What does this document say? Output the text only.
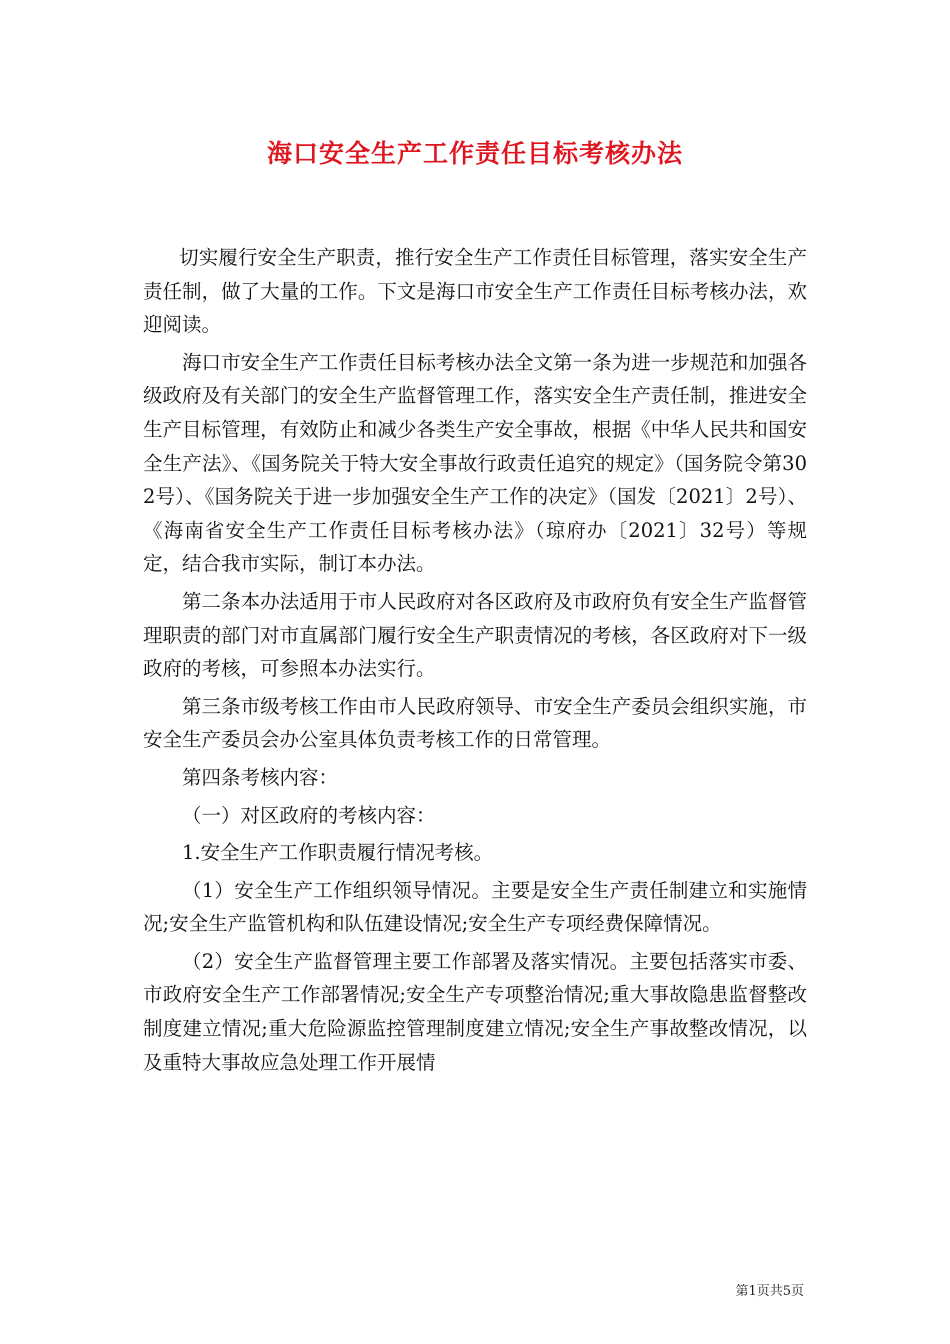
海口安全生产工作责任目标考核办法

切实履行安全生产职责，推行安全生产工作责任目标管理，落实安全生产责任制，做了大量的工作。下文是海口市安全生产工作责任目标考核办法，欢迎阅读。

海口市安全生产工作责任目标考核办法全文第一条为进一步规范和加强各级政府及有关部门的安全生产监督管理工作，落实安全生产责任制，推进安全生产目标管理，有效防止和减少各类生产安全事故，根据《中华人民共和国安全生产法》、《国务院关于特大安全事故行政责任追究的规定》（国务院令第302号）、《国务院关于进一步加强安全生产工作的决定》（国发〔2021〕2号）、《海南省安全生产工作责任目标考核办法》（琼府办〔2021〕32号）等规定，结合我市实际，制订本办法。

第二条本办法适用于市人民政府对各区政府及市政府负有安全生产监督管理职责的部门对市直属部门履行安全生产职责情况的考核，各区政府对下一级政府的考核，可参照本办法实行。

第三条市级考核工作由市人民政府领导、市安全生产委员会组织实施，市安全生产委员会办公室具体负责考核工作的日常管理。

第四条考核内容：

（一）对区政府的考核内容：

1.安全生产工作职责履行情况考核。

（1）安全生产工作组织领导情况。主要是安全生产责任制建立和实施情况;安全生产监管机构和队伍建设情况;安全生产专项经费保障情况。

（2）安全生产监督管理主要工作部署及落实情况。主要包括落实市委、市政府安全生产工作部署情况;安全生产专项整治情况;重大事故隐患监督整改制度建立情况;重大危险源监控管理制度建立情况;安全生产事故整改情况，以及重特大事故应急处理工作开展情

第1页共5页
